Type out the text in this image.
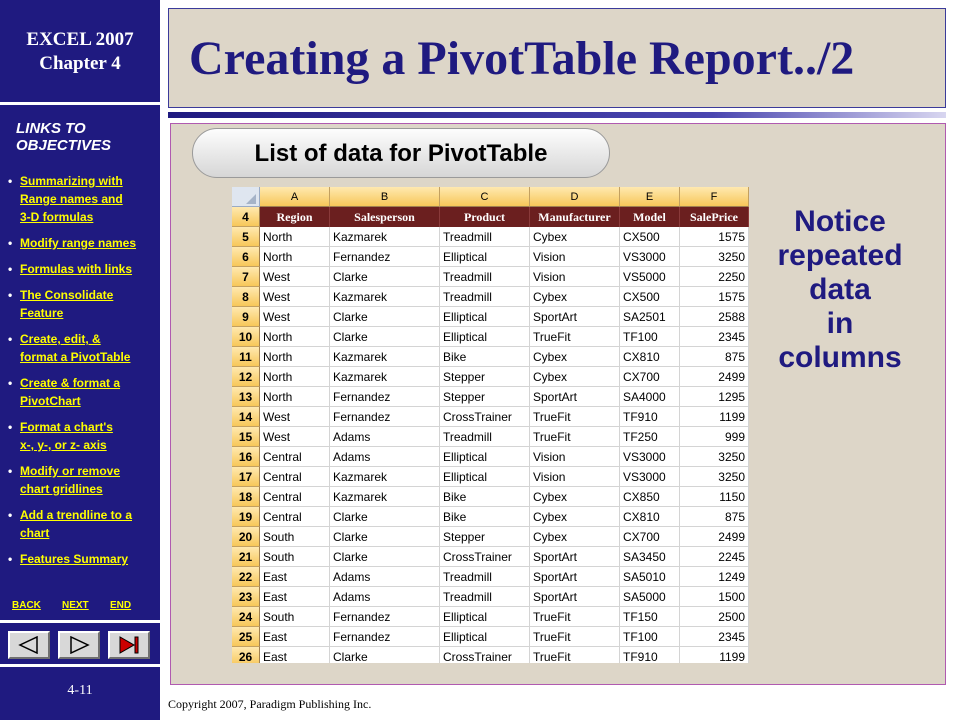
EXCEL 2007
Chapter 4
LINKS TO
OBJECTIVES
• Summarizing with
Range names and
3-D formulas
• Modify range names
• Formulas with links
• The Consolidate
Feature
• Create, edit, &
format a PivotTable
• Create & format a
PivotChart
• Format a chart's
x-, y-, or z- axis
• Modify or remove
chart gridlines
• Add a trendline to a
chart
• Features Summary
BACK NEXT END
4-11
Creating a PivotTable Report../2
List of data for PivotTable
A	B	C	D	E	F
4	Region	Salesperson	Product	Manufacturer	Model	SalePrice
5	North	Kazmarek	Treadmill	Cybex	CX500	1575
6	North	Fernandez	Elliptical	Vision	VS3000	3250
7	West	Clarke	Treadmill	Vision	VS5000	2250
8	West	Kazmarek	Treadmill	Cybex	CX500	1575
9	West	Clarke	Elliptical	SportArt	SA2501	2588
10 North	Clarke	Elliptical	TrueFit	TF100	2345
11 North	Kazmarek	Bike	Cybex	CX810	875
12 North	Kazmarek	Stepper	Cybex	CX700	2499
13 North	Fernandez	Stepper	SportArt	SA4000	1295
14 West	Fernandez	CrossTrainer	TrueFit	TF910	1199
15 West	Adams	Treadmill	TrueFit	TF250	999
16 Central	Adams	Elliptical	Vision	VS3000	3250
17 Central	Kazmarek	Elliptical	Vision	VS3000	3250
18 Central	Kazmarek	Bike	Cybex	CX850	1150
19 Central	Clarke	Bike	Cybex	CX810	875
20 South	Clarke	Stepper	Cybex	CX700	2499
21 South	Clarke	CrossTrainer	SportArt	SA3450	2245
22 East	Adams	Treadmill	SportArt	SA5010	1249
23 East	Adams	Treadmill	SportArt	SA5000	1500
24 South	Fernandez	Elliptical	TrueFit	TF150	2500
25 East	Fernandez	Elliptical	TrueFit	TF100	2345
26 East	Clarke	CrossTrainer	TrueFit	TF910	1199
Notice
repeated
data
in
columns
Copyright 2007, Paradigm Publishing Inc.
